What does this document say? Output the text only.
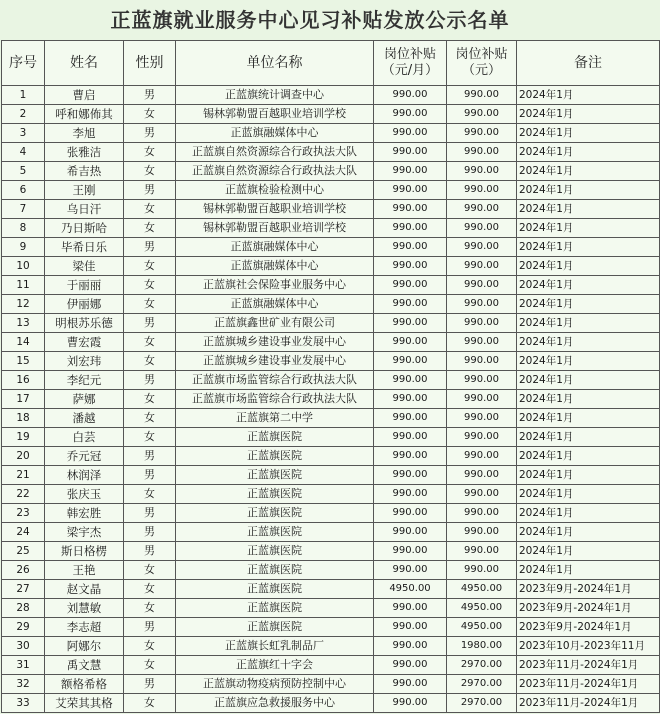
正蓝旗就业服务中心见习补贴发放公示名单
序号	姓名	性别	单位名称	岗位补贴（元/月）	岗位补贴（元）	备注
1	曹启	男	正蓝旗统计调查中心	990.00	990.00	2024年1月
2	呼和娜佈其	女	锡林郭勒盟百越职业培训学校	990.00	990.00	2024年1月
3	李旭	男	正蓝旗融媒体中心	990.00	990.00	2024年1月
4	张雅洁	女	正蓝旗自然资源综合行政执法大队	990.00	990.00	2024年1月
5	希吉热	女	正蓝旗自然资源综合行政执法大队	990.00	990.00	2024年1月
6	王刚	男	正蓝旗检验检测中心	990.00	990.00	2024年1月
7	乌日汗	女	锡林郭勒盟百越职业培训学校	990.00	990.00	2024年1月
8	乃日斯哈	女	锡林郭勒盟百越职业培训学校	990.00	990.00	2024年1月
9	毕希日乐	男	正蓝旗融媒体中心	990.00	990.00	2024年1月
10	梁佳	女	正蓝旗融媒体中心	990.00	990.00	2024年1月
11	于丽丽	女	正蓝旗社会保险事业服务中心	990.00	990.00	2024年1月
12	伊丽娜	女	正蓝旗融媒体中心	990.00	990.00	2024年1月
13	明根苏乐德	男	正蓝旗鑫世矿业有限公司	990.00	990.00	2024年1月
14	曹宏霞	女	正蓝旗城乡建设事业发展中心	990.00	990.00	2024年1月
15	刘宏玮	女	正蓝旗城乡建设事业发展中心	990.00	990.00	2024年1月
16	李纪元	男	正蓝旗市场监管综合行政执法大队	990.00	990.00	2024年1月
17	萨娜	女	正蓝旗市场监管综合行政执法大队	990.00	990.00	2024年1月
18	潘越	女	正蓝旗第二中学	990.00	990.00	2024年1月
19	白芸	女	正蓝旗医院	990.00	990.00	2024年1月
20	乔元冠	男	正蓝旗医院	990.00	990.00	2024年1月
21	林润泽	男	正蓝旗医院	990.00	990.00	2024年1月
22	张庆玉	女	正蓝旗医院	990.00	990.00	2024年1月
23	韩宏胜	男	正蓝旗医院	990.00	990.00	2024年1月
24	梁宇杰	男	正蓝旗医院	990.00	990.00	2024年1月
25	斯日格楞	男	正蓝旗医院	990.00	990.00	2024年1月
26	王艳	女	正蓝旗医院	990.00	990.00	2024年1月
27	赵文晶	女	正蓝旗医院	4950.00	4950.00	2023年9月-2024年1月
28	刘慧敏	女	正蓝旗医院	990.00	4950.00	2023年9月-2024年1月
29	李志超	男	正蓝旗医院	990.00	4950.00	2023年9月-2024年1月
30	阿娜尔	女	正蓝旗长虹乳制品厂	990.00	1980.00	2023年10月-2023年11月
31	禹文慧	女	正蓝旗红十字会	990.00	2970.00	2023年11月-2024年1月
32	额格希格	男	正蓝旗动物疫病预防控制中心	990.00	2970.00	2023年11月-2024年1月
33	艾荣其其格	女	正蓝旗应急救援服务中心	990.00	2970.00	2023年11月-2024年1月
